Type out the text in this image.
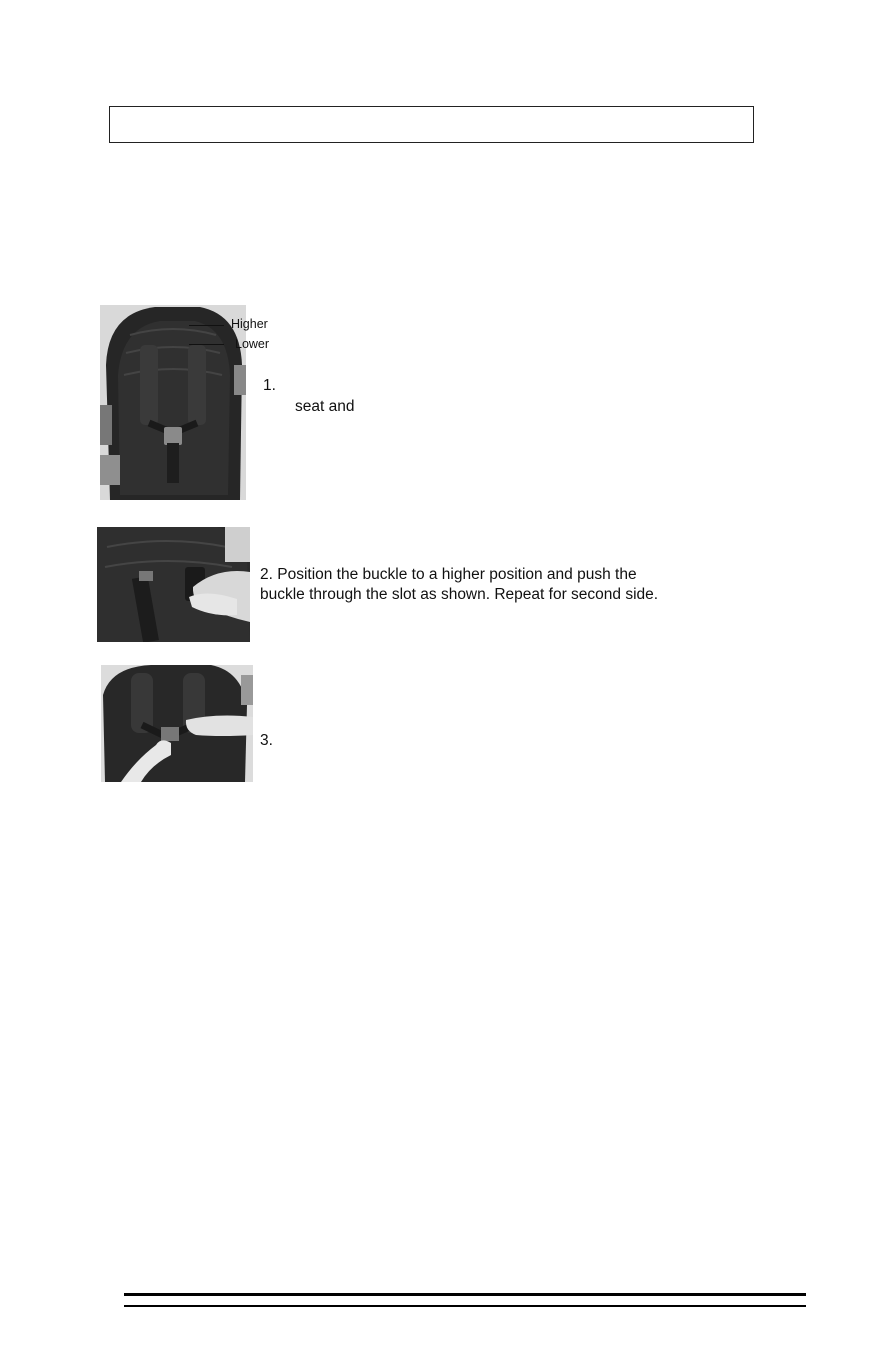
Higher
Lower
1.
seat and
2. Position the buckle to a higher position and push the
buckle through the slot as shown. Repeat for second side.
3.
